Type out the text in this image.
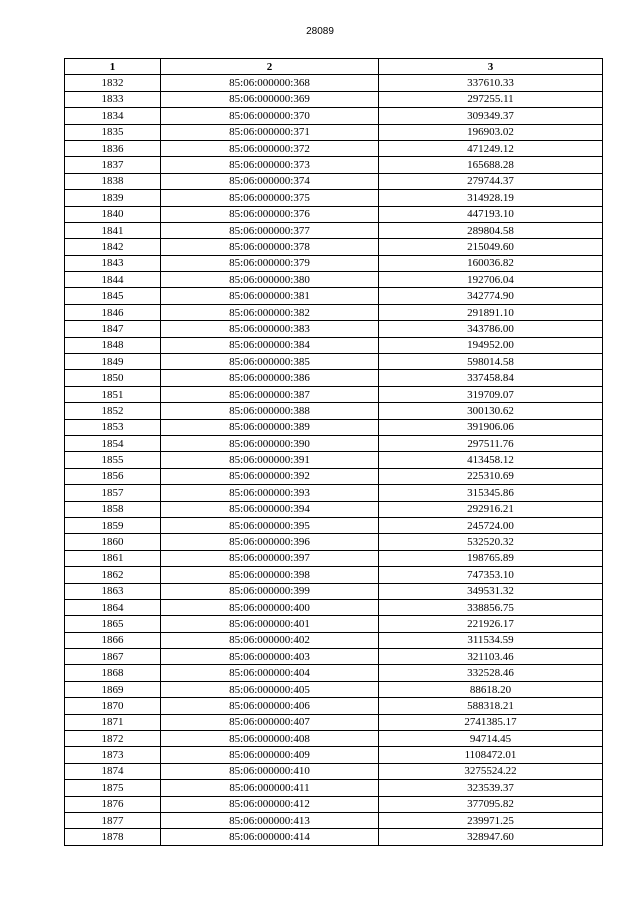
28089
1	2	3
1832	85:06:000000:368	337610.33
1833	85:06:000000:369	297255.11
1834	85:06:000000:370	309349.37
1835	85:06:000000:371	196903.02
1836	85:06:000000:372	471249.12
1837	85:06:000000:373	165688.28
1838	85:06:000000:374	279744.37
1839	85:06:000000:375	314928.19
1840	85:06:000000:376	447193.10
1841	85:06:000000:377	289804.58
1842	85:06:000000:378	215049.60
1843	85:06:000000:379	160036.82
1844	85:06:000000:380	192706.04
1845	85:06:000000:381	342774.90
1846	85:06:000000:382	291891.10
1847	85:06:000000:383	343786.00
1848	85:06:000000:384	194952.00
1849	85:06:000000:385	598014.58
1850	85:06:000000:386	337458.84
1851	85:06:000000:387	319709.07
1852	85:06:000000:388	300130.62
1853	85:06:000000:389	391906.06
1854	85:06:000000:390	297511.76
1855	85:06:000000:391	413458.12
1856	85:06:000000:392	225310.69
1857	85:06:000000:393	315345.86
1858	85:06:000000:394	292916.21
1859	85:06:000000:395	245724.00
1860	85:06:000000:396	532520.32
1861	85:06:000000:397	198765.89
1862	85:06:000000:398	747353.10
1863	85:06:000000:399	349531.32
1864	85:06:000000:400	338856.75
1865	85:06:000000:401	221926.17
1866	85:06:000000:402	311534.59
1867	85:06:000000:403	321103.46
1868	85:06:000000:404	332528.46
1869	85:06:000000:405	88618.20
1870	85:06:000000:406	588318.21
1871	85:06:000000:407	2741385.17
1872	85:06:000000:408	94714.45
1873	85:06:000000:409	1108472.01
1874	85:06:000000:410	3275524.22
1875	85:06:000000:411	323539.37
1876	85:06:000000:412	377095.82
1877	85:06:000000:413	239971.25
1878	85:06:000000:414	328947.60
